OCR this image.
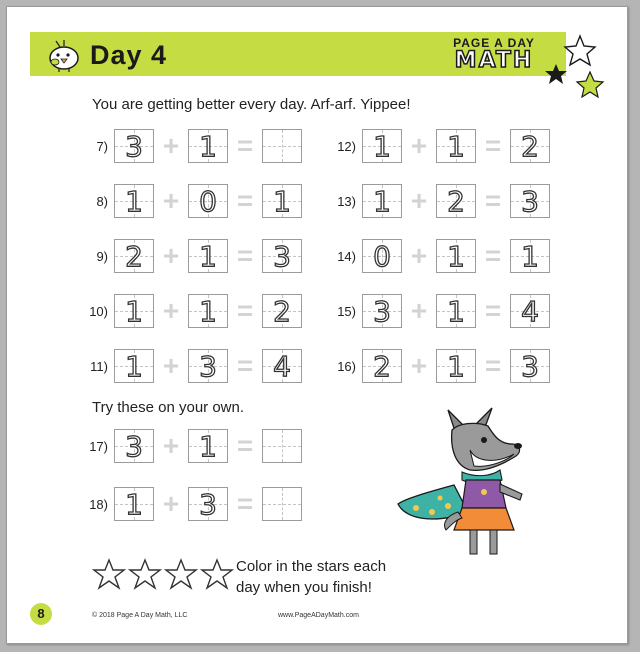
Day 4	PAGE A DAY
MATH
You are getting better every day. Arf-arf. Yippee!
7) 3 + 1 =
8) 1 + 0 = 1
9) 2 + 1 = 3
10) 1 + 1 = 2
11) 1 + 3 = 4
12) 1 + 1 = 2
13) 1 + 2 = 3
14) 0 + 1 = 1
15) 3 + 1 = 4
16) 2 + 1 = 3
Try these on your own.
17) 3 + 1 =
18) 1 + 3 =
Color in the stars each
day when you finish!
8	© 2018 Page A Day Math, LLC	www.PageADayMath.com
